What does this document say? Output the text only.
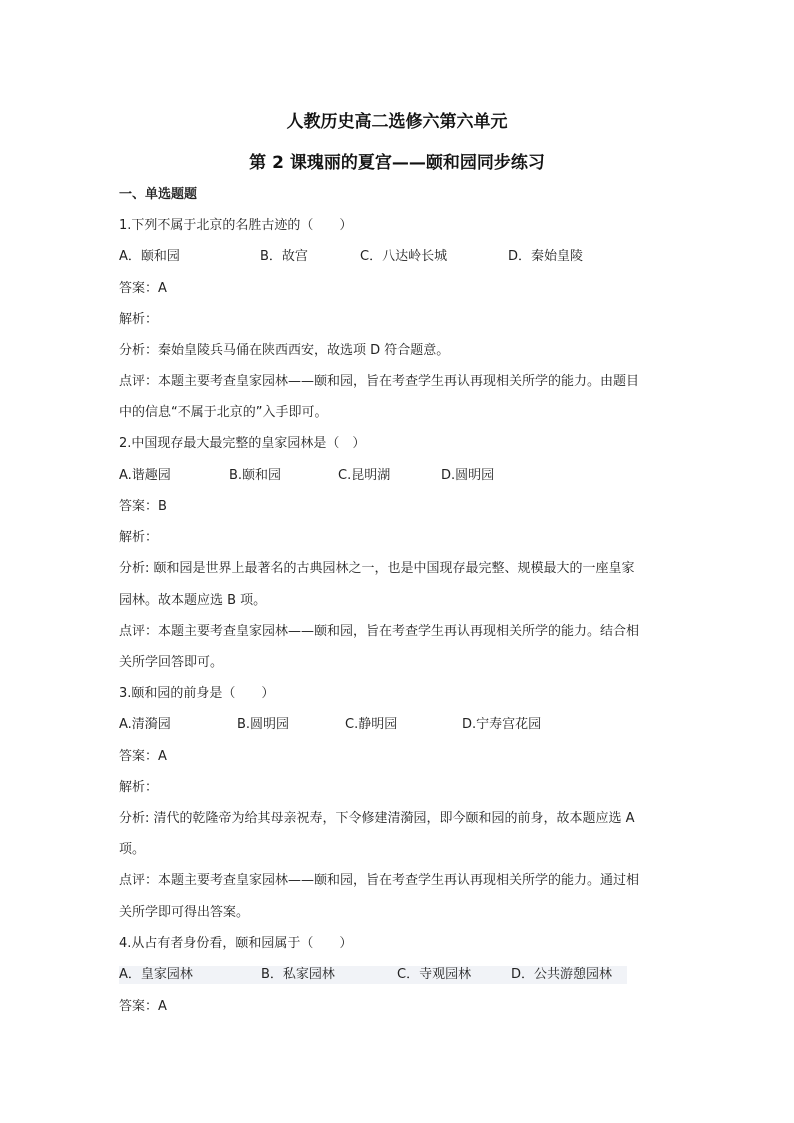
人教历史高二选修六第六单元
第 2 课瑰丽的夏宫——颐和园同步练习
一、单选题题
1.下列不属于北京的名胜古迹的（　　）
A．颐和园	B．故宫	C．八达岭长城	D．秦始皇陵
答案：A
解析：
分析：秦始皇陵兵马俑在陕西西安，故选项 D 符合题意。
点评：本题主要考查皇家园林——颐和园，旨在考查学生再认再现相关所学的能力。由题目
中的信息“不属于北京的”入手即可。
2.中国现存最大最完整的皇家园林是（　）
A.谐趣园	B.颐和园	C.昆明湖	D.圆明园
答案：B
解析：
分析: 颐和园是世界上最著名的古典园林之一，也是中国现存最完整、规模最大的一座皇家
园林。故本题应选 B 项。
点评：本题主要考查皇家园林——颐和园，旨在考查学生再认再现相关所学的能力。结合相
关所学回答即可。
3.颐和园的前身是（　　）
A.清漪园	B.圆明园	C.静明园	D.宁寿宫花园
答案：A
解析：
分析: 清代的乾隆帝为给其母亲祝寿，下令修建清漪园，即今颐和园的前身，故本题应选 A
项。
点评：本题主要考查皇家园林——颐和园，旨在考查学生再认再现相关所学的能力。通过相
关所学即可得出答案。
4.从占有者身份看，颐和园属于（　　）
A．皇家园林	B．私家园林	C．寺观园林	D．公共游憩园林
答案：A
